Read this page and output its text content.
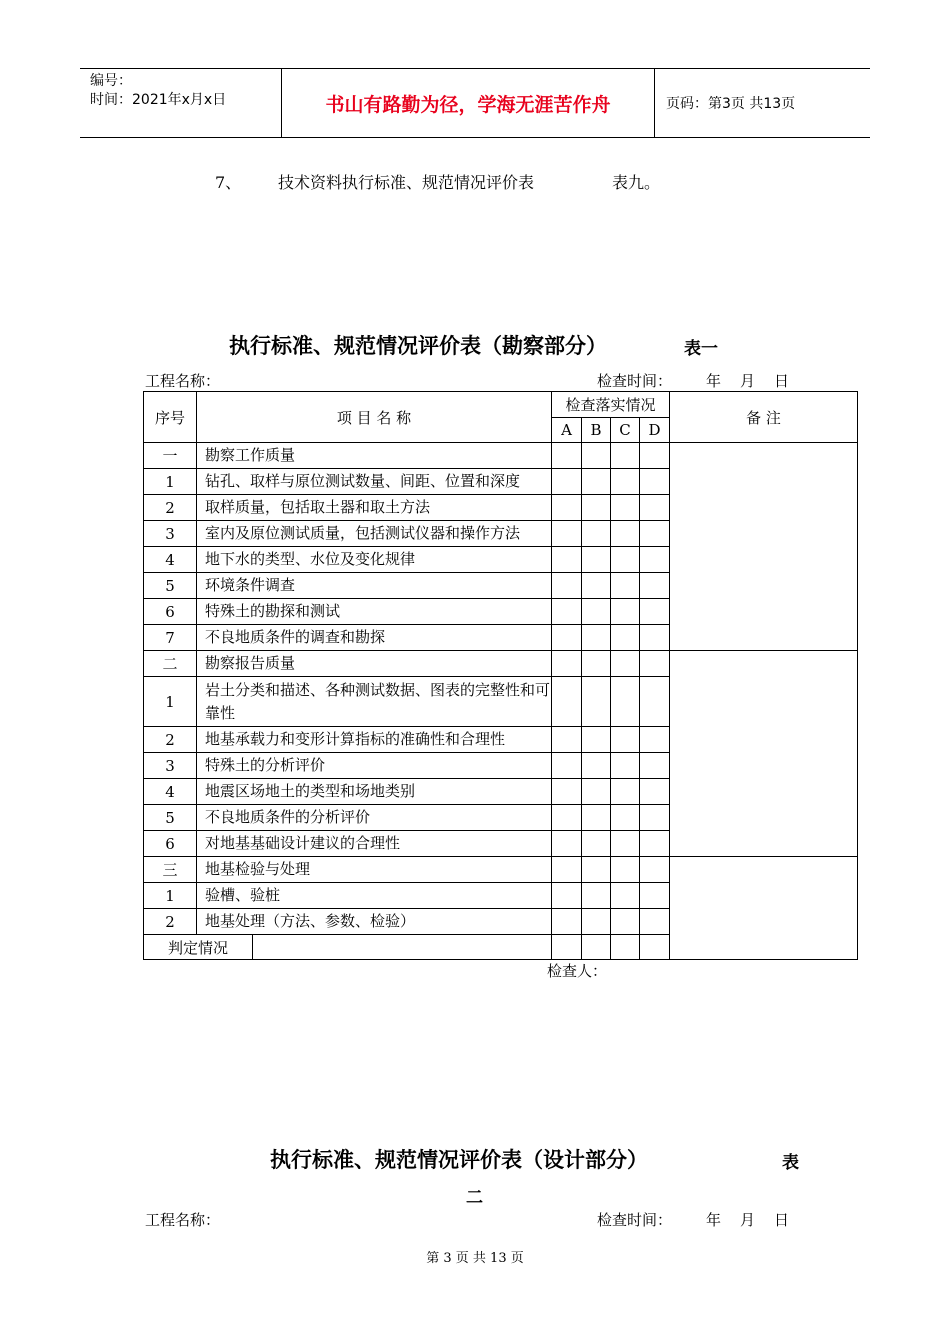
编号：
时间：2021年x月x日	书山有路勤为径，学海无涯苦作舟	页码：第3页 共13页
7、 技术资料执行标准、规范情况评价表	表九。
执行标准、规范情况评价表（勘察部分）	表一
工程名称：	检查时间： 年 月 日
序号	项 目 名 称		检查落实情况				备 注
			A	B	C	D	
一	勘察工作质量						
1	钻孔、取样与原位测试数量、间距、位置和深度						
2	取样质量，包括取土器和取土方法						
3	室内及原位测试质量，包括测试仪器和操作方法						
4	地下水的类型、水位及变化规律						
5	环境条件调查						
6	特殊土的勘探和测试						
7	不良地质条件的调查和勘探						
二	勘察报告质量						
1	岩土分类和描述、各种测试数据、图表的完整性和可靠性						
2	地基承载力和变形计算指标的准确性和合理性						
3	特殊土的分析评价						
4	地震区场地土的类型和场地类别						
5	不良地质条件的分析评价						
6	对地基基础设计建议的合理性						
三	地基检验与处理						
1	验槽、验桩						
2	地基处理（方法、参数、检验）						
判定情况							
检查人：
执行标准、规范情况评价表（设计部分）	表
二
工程名称：	检查时间： 年 月 日
第 3 页 共 13 页
